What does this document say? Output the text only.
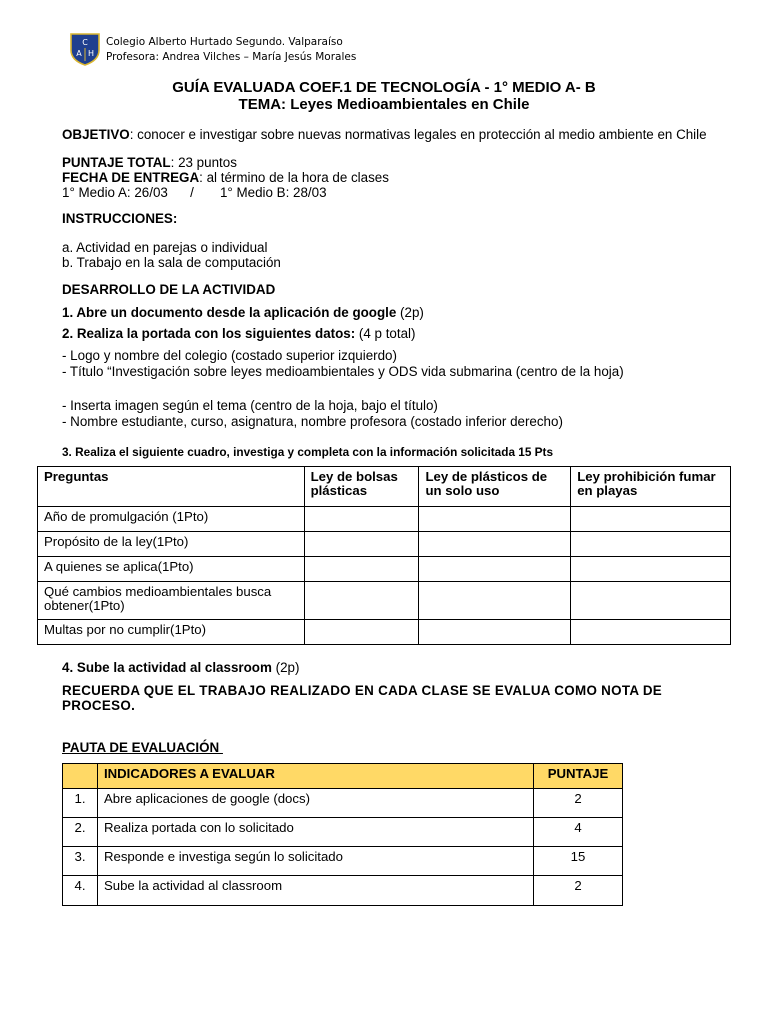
C
A H
Colegio Alberto Hurtado Segundo. Valparaíso
Profesora: Andrea Vilches – María Jesús Morales
GUÍA EVALUADA COEF.1 DE TECNOLOGÍA - 1° MEDIO A- B
TEMA: Leyes Medioambientales en Chile
OBJETIVO: conocer e investigar sobre nuevas normativas legales en protección al medio ambiente en Chile
PUNTAJE TOTAL: 23 puntos
FECHA DE ENTREGA: al término de la hora de clases
1° Medio A: 26/03      /       1° Medio B: 28/03
INSTRUCCIONES:
a. Actividad en parejas o individual
b. Trabajo en la sala de computación
DESARROLLO DE LA ACTIVIDAD
1. Abre un documento desde la aplicación de google (2p)
2. Realiza la portada con los siguientes datos: (4 p total)
- Logo y nombre del colegio (costado superior izquierdo)
- Título “Investigación sobre leyes medioambientales y ODS vida submarina (centro de la hoja)
- Inserta imagen según el tema (centro de la hoja, bajo el título)
- Nombre estudiante, curso, asignatura, nombre profesora (costado inferior derecho)
3. Realiza el siguiente cuadro, investiga y completa con la información solicitada 15 Pts
Preguntas	Ley de bolsas plásticas	Ley de plásticos de un solo uso	Ley prohibición fumar en playas
Año de promulgación (1Pto)			
Propósito de la ley(1Pto)			
A quienes se aplica(1Pto)			
Qué cambios medioambientales busca obtener(1Pto)			
Multas por no cumplir(1Pto)			
4. Sube la actividad al classroom (2p)
RECUERDA QUE EL TRABAJO REALIZADO EN CADA CLASE SE EVALUA COMO NOTA DE PROCESO.
PAUTA DE EVALUACIÓN
	INDICADORES A EVALUAR	PUNTAJE
1.	Abre aplicaciones de google (docs)	2
2.	Realiza portada con lo solicitado	4
3.	Responde e investiga según lo solicitado	15
4.	Sube la actividad al classroom	2
